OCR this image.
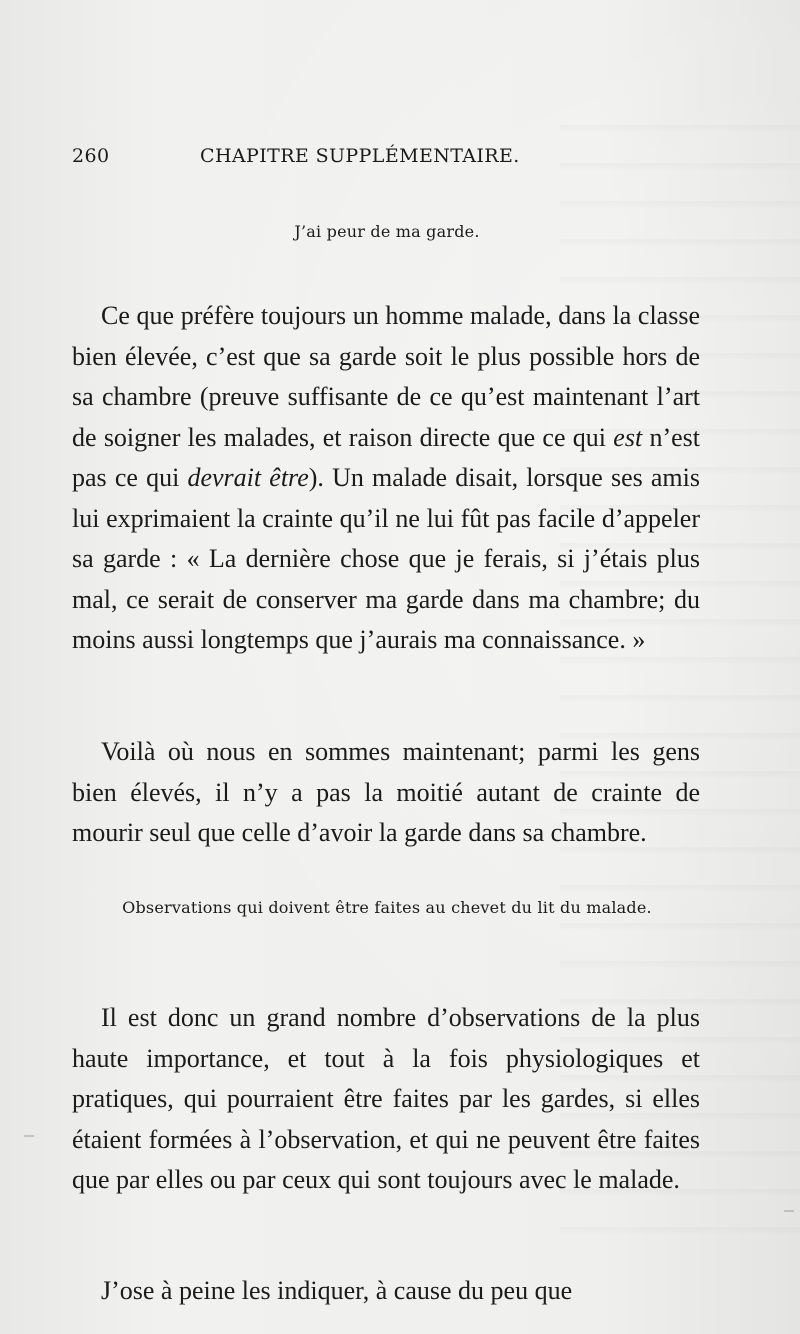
260	CHAPITRE SUPPLÉMENTAIRE.
J’ai peur de ma garde.

Ce que préfère toujours un homme malade, dans la classe bien élevée, c’est que sa garde soit le plus possible hors de sa chambre (preuve suffisante de ce qu’est maintenant l’art de soigner les malades, et raison directe que ce qui est n’est pas ce qui devrait être). Un malade disait, lorsque ses amis lui exprimaient la crainte qu’il ne lui fût pas facile d’appeler sa garde : « La dernière chose que je ferais, si j’étais plus mal, ce serait de conserver ma garde dans ma chambre; du moins aussi longtemps que j’aurais ma connaissance. »

Voilà où nous en sommes maintenant; parmi les gens bien élevés, il n’y a pas la moitié autant de crainte de mourir seul que celle d’avoir la garde dans sa chambre.

Observations qui doivent être faites au chevet du lit du malade.

Il est donc un grand nombre d’observations de la plus haute importance, et tout à la fois physiologiques et pratiques, qui pourraient être faites par les gardes, si elles étaient formées à l’observation, et qui ne peuvent être faites que par elles ou par ceux qui sont toujours avec le malade.

J’ose à peine les indiquer, à cause du peu que
